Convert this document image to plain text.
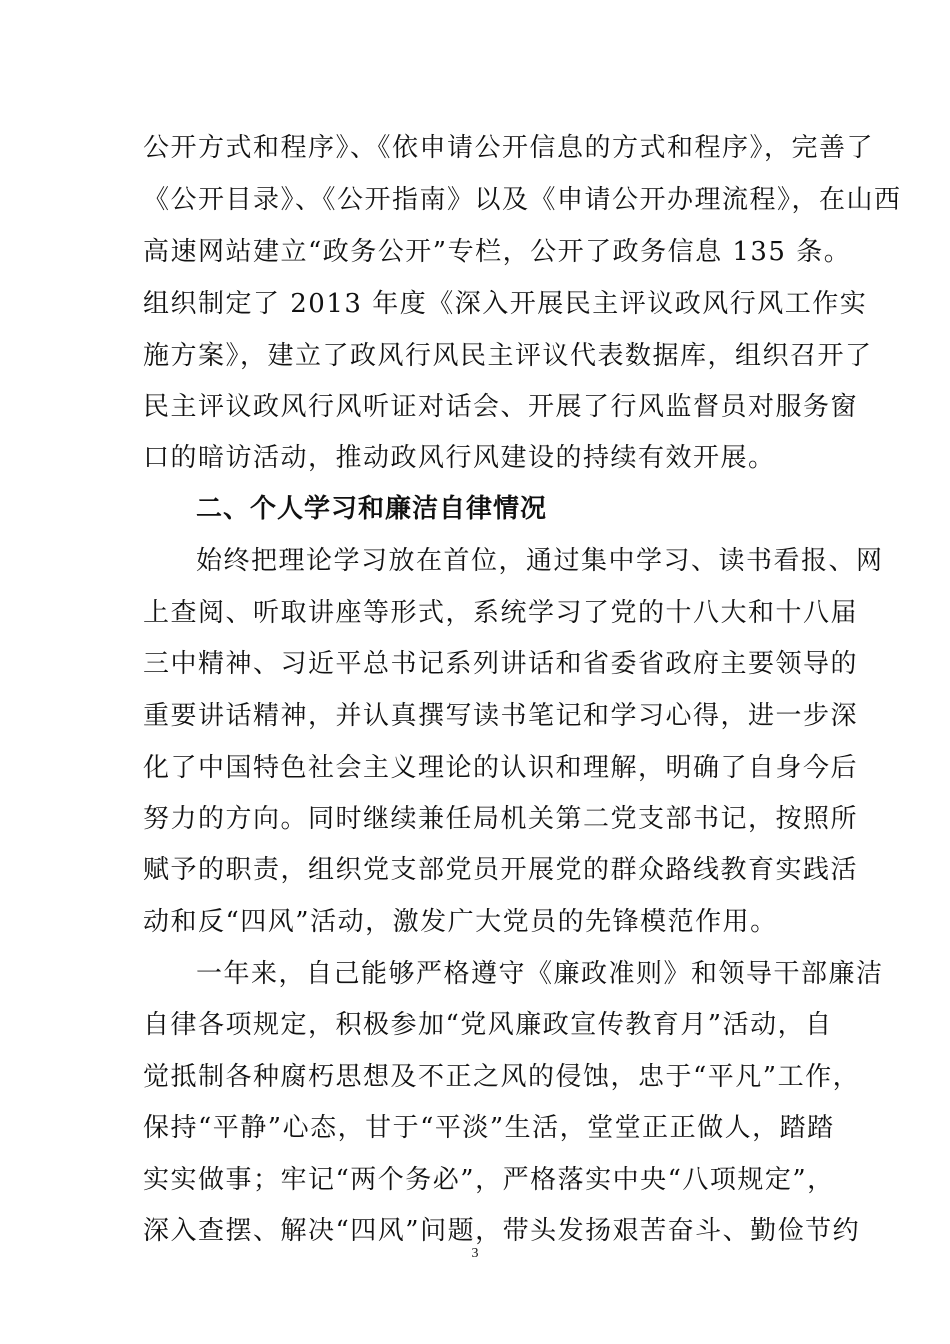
公开方式和程序》、《依申请公开信息的方式和程序》，完善了
《公开目录》、《公开指南》以及《申请公开办理流程》，在山西
高速网站建立“政务公开”专栏，公开了政务信息 135 条。
组织制定了 2013 年度《深入开展民主评议政风行风工作实
施方案》，建立了政风行风民主评议代表数据库，组织召开了
民主评议政风行风听证对话会、开展了行风监督员对服务窗
口的暗访活动，推动政风行风建设的持续有效开展。
二、个人学习和廉洁自律情况
始终把理论学习放在首位，通过集中学习、读书看报、网
上查阅、听取讲座等形式，系统学习了党的十八大和十八届
三中精神、习近平总书记系列讲话和省委省政府主要领导的
重要讲话精神，并认真撰写读书笔记和学习心得，进一步深
化了中国特色社会主义理论的认识和理解，明确了自身今后
努力的方向。同时继续兼任局机关第二党支部书记，按照所
赋予的职责，组织党支部党员开展党的群众路线教育实践活
动和反“四风”活动，激发广大党员的先锋模范作用。
一年来，自己能够严格遵守《廉政准则》和领导干部廉洁
自律各项规定，积极参加“党风廉政宣传教育月”活动，自
觉抵制各种腐朽思想及不正之风的侵蚀，忠于“平凡”工作，
保持“平静”心态，甘于“平淡”生活，堂堂正正做人，踏踏
实实做事；牢记“两个务必”，严格落实中央“八项规定”，
深入查摆、解决“四风”问题，带头发扬艰苦奋斗、勤俭节约
3
